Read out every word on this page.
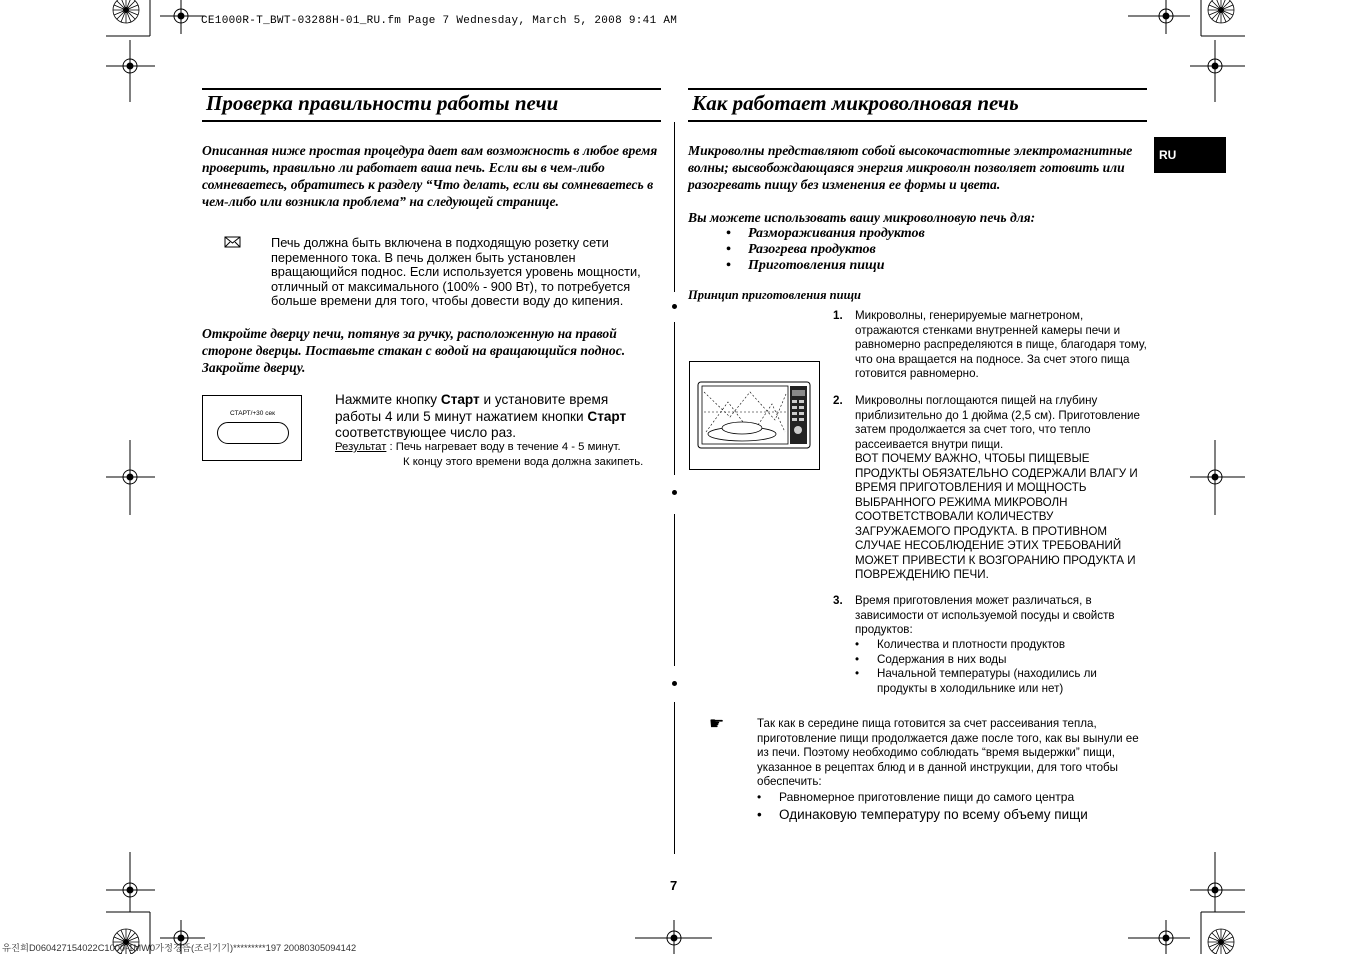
CE1000R-T_BWT-03288H-01_RU.fm Page 7 Wednesday, March 5, 2008 9:41 AM
Проверка правильности работы печи
Описанная ниже простая процедура дает вам возможность в любое время проверить, правильно ли работает ваша печь. Если вы в чем-либо сомневаетесь, обратитесь к разделу “Что делать, если вы сомневаетесь в чем-либо или возникла проблема” на следующей странице.
Печь должна быть включена в подходящую розетку сети переменного тока. В печь должен быть установлен вращающийся поднос. Если используется уровень мощности, отличный от максимального (100% - 900 Вт), то потребуется больше времени для того, чтобы довести воду до кипения.
Откройте дверцу печи, потянув за ручку, расположенную на правой стороне дверцы. Поставьте стакан с водой на вращающийся поднос. Закройте дверцу.
СТАРТ/+30 сек
Нажмите кнопку Старт и установите время работы 4 или 5 минут нажатием кнопки Старт соответствующее число раз.
Результат : Печь нагревает воду в течение 4 - 5 минут.
К концу этого времени вода должна закипеть.
Как работает микроволновая печь
RU
Микроволны представляют собой высокочастотные электромагнитные волны; высвобождающаяся энергия микроволн позволяет готовить или разогревать пищу без изменения ее формы и цвета.
Вы можете использовать вашу микроволновую печь для:
• Размораживания продуктов
• Разогрева продуктов
• Приготовления пищи
Принцип приготовления пищи
1. Микроволны, генерируемые магнетроном, отражаются стенками внутренней камеры печи и равномерно распределяются в пище, благодаря тому, что она вращается на подносе. За счет этого пища готовится равномерно.
2. Микроволны поглощаются пищей на глубину приблизительно до 1 дюйма (2,5 см). Приготовление затем продолжается за счет того, что тепло рассеивается внутри пищи.
ВОТ ПОЧЕМУ ВАЖНО, ЧТОБЫ ПИЩЕВЫЕ ПРОДУКТЫ ОБЯЗАТЕЛЬНО СОДЕРЖАЛИ ВЛАГУ И ВРЕМЯ ПРИГОТОВЛЕНИЯ И МОЩНОСТЬ ВЫБРАННОГО РЕЖИМА МИКРОВОЛН СООТВЕТСТВОВАЛИ КОЛИЧЕСТВУ ЗАГРУЖАЕМОГО ПРОДУКТА. В ПРОТИВНОМ СЛУЧАЕ НЕСОБЛЮДЕНИЕ ЭТИХ ТРЕБОВАНИЙ МОЖЕТ ПРИВЕСТИ К ВОЗГОРАНИЮ ПРОДУКТА И ПОВРЕЖДЕНИЮ ПЕЧИ.
3. Время приготовления может различаться, в зависимости от используемой посуды и свойств продуктов:
• Количества и плотности продуктов
• Содержания в них воды
• Начальной температуры (находились ли продукты в холодильнике или нет)
☛	Так как в середине пища готовится за счет рассеивания тепла, приготовление пищи продолжается даже после того, как вы вынули ее из печи. Поэтому необходимо соблюдать “время выдержки” пищи, указанное в рецептах блюд и в данной инструкции, для того чтобы обеспечить:
• Равномерное приготовление пищи до самого центра
• Одинаковую температуру по всему объему пищи
7
유진희D060427154022C1000-1MW0가정경뜸(조리기기)*********197 20080305094142
